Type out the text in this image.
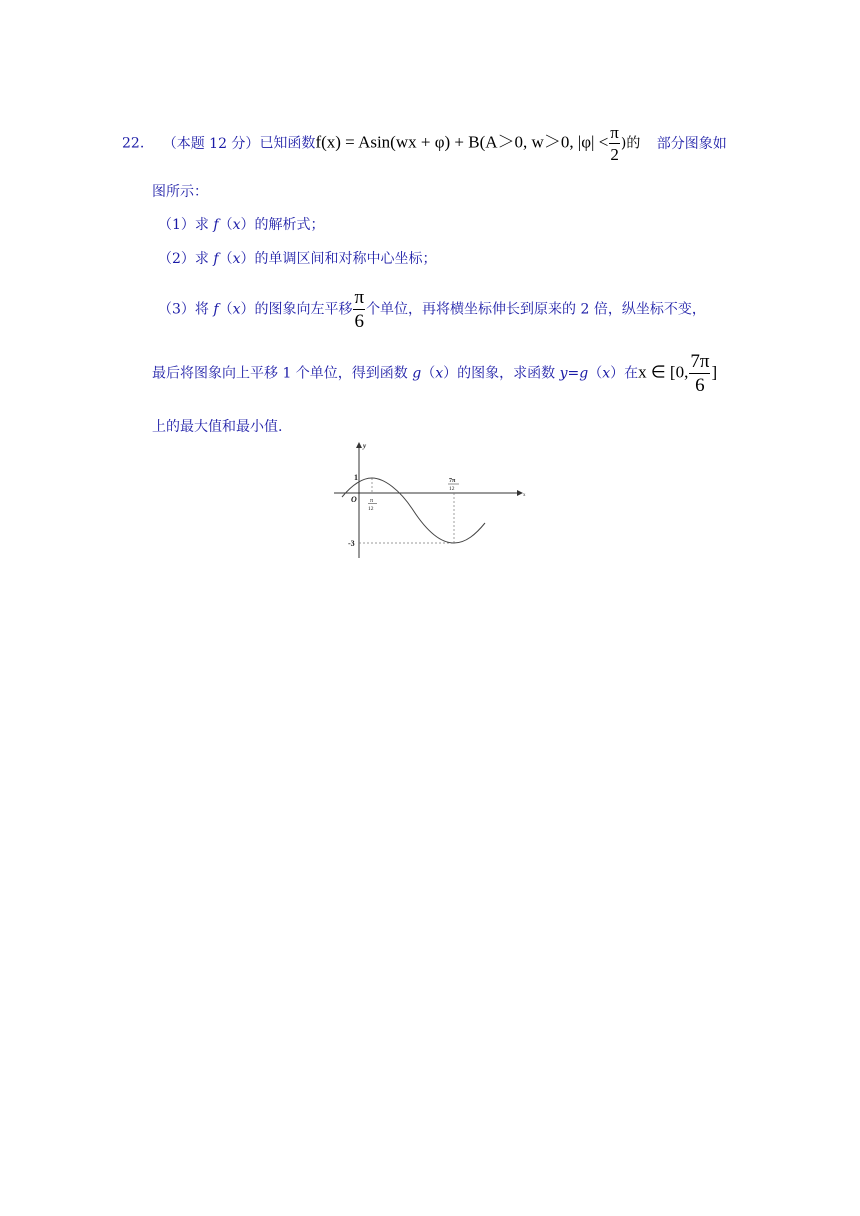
22. （本题 12 分）已知函数f(x) = Asin(wx + φ) + B(A＞0, w＞0, $|\varphi| < \frac{\pi}{2}$ )的 部分图象如
图所示：
（1）求 f（x）的解析式；
（2）求 f（x）的单调区间和对称中心坐标；
（3）将 f（x）的图象向左平移 $\frac{\pi}{6}$ 个单位，再将横坐标伸长到原来的 2 倍，纵坐标不变，
最后将图象向上平移 1 个单位，得到函数 g（x）的图象，求函数 y=g（x）在x ∈ [0, $\frac{7\pi}{6}$ ]
上的最大值和最小值.
y
x
O
1
-3
π
12
7π
12
